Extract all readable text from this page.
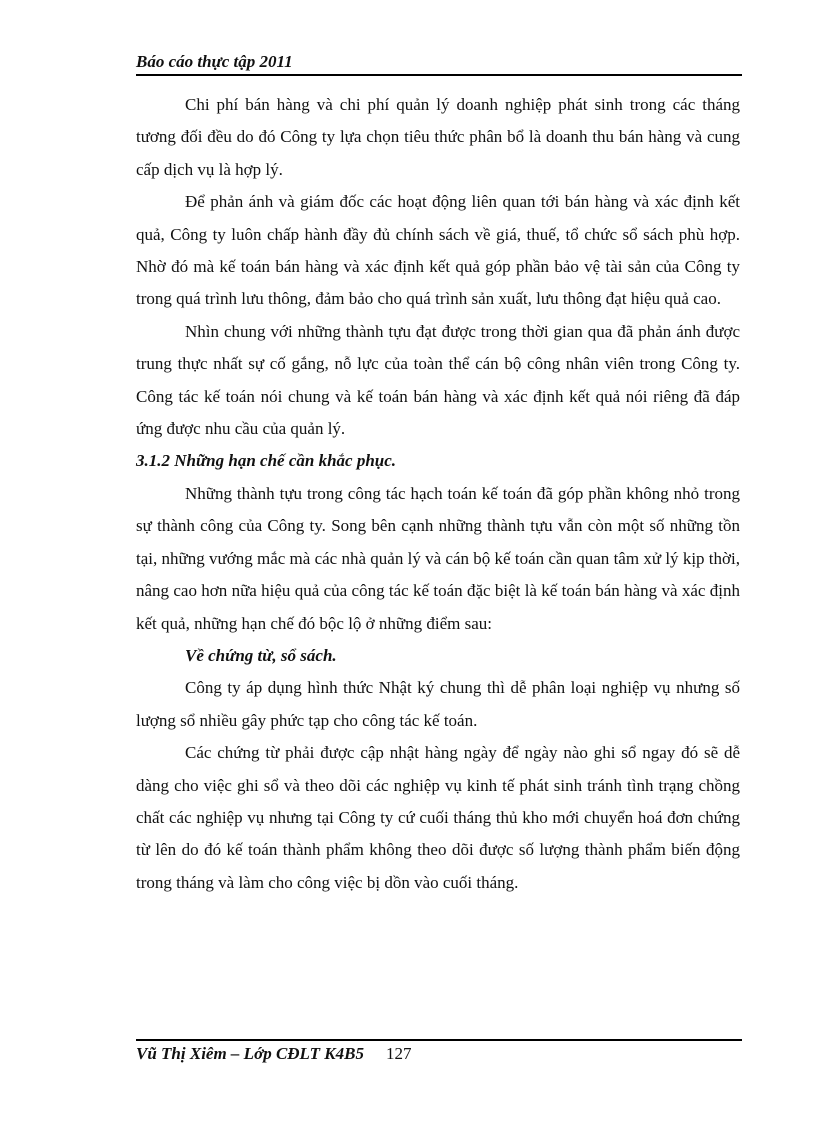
Báo cáo thực tập 2011

Chi phí bán hàng và chi phí quản lý doanh nghiệp phát sinh trong các tháng tương đối đều do đó Công ty lựa chọn tiêu thức phân bổ là doanh thu bán hàng và cung cấp dịch vụ là hợp lý.

Để phản ánh và giám đốc các hoạt động liên quan tới bán hàng và xác định kết quả, Công ty luôn chấp hành đầy đủ chính sách về giá, thuế, tổ chức sổ sách phù hợp. Nhờ đó mà kế toán bán hàng và xác định kết quả góp phần bảo vệ tài sản của Công ty trong quá trình lưu thông, đảm bảo cho quá trình sản xuất, lưu thông đạt hiệu quả cao.

Nhìn chung với những thành tựu đạt được trong thời gian qua đã phản ánh được trung thực nhất sự cố gắng, nỗ lực của toàn thể cán bộ công nhân viên trong Công ty. Công tác kế toán nói chung và kế toán bán hàng và xác định kết quả nói riêng đã đáp ứng được nhu cầu của quản lý.

3.1.2 Những hạn chế cần khắc phục.

Những thành tựu trong công tác hạch toán kế toán đã góp phần không nhỏ trong sự thành công của Công ty. Song bên cạnh những thành tựu vẫn còn một số những tồn tại, những vướng mắc mà các nhà quản lý và cán bộ kế toán cần quan tâm xử lý kịp thời, nâng cao hơn nữa hiệu quả của công tác kế toán đặc biệt là kế toán bán hàng và xác định kết quả, những hạn chế đó bộc lộ ở những điểm sau:

Về chứng từ, sổ sách.

Công ty áp dụng hình thức Nhật ký chung thì dễ phân loại nghiệp vụ nhưng số lượng sổ nhiều gây phức tạp cho công tác kế toán.

Các chứng từ phải được cập nhật hàng ngày để ngày nào ghi sổ ngay đó sẽ dễ dàng cho việc ghi sổ và theo dõi các nghiệp vụ kinh tế phát sinh tránh tình trạng chồng chất các nghiệp vụ nhưng tại Công ty cứ cuối tháng thủ kho mới chuyển hoá đơn chứng từ lên do đó kế toán thành phẩm không theo dõi được số lượng thành phẩm biến động trong tháng và làm cho công việc bị dồn vào cuối tháng.

Vũ Thị Xiêm – Lớp CĐLT K4B5 127
